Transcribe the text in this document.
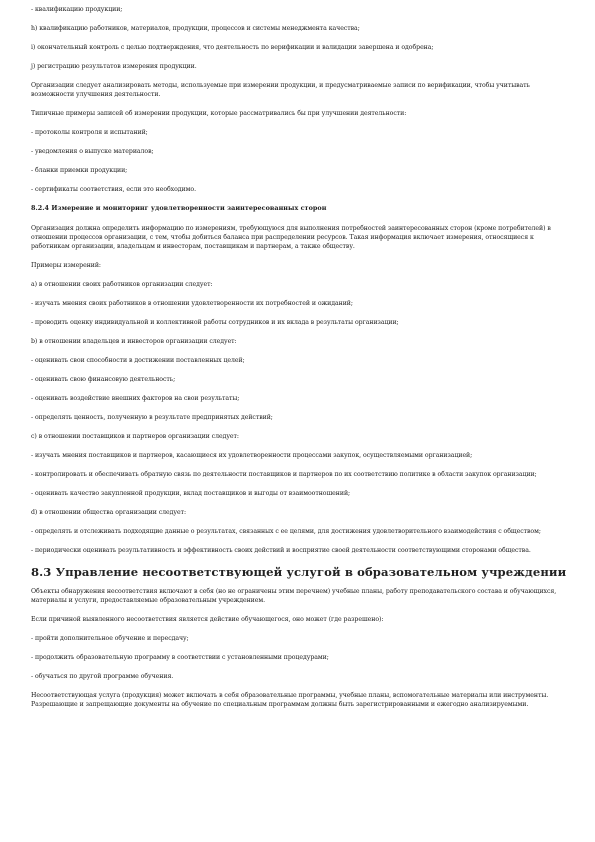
- квалификацию продукции;

h) квалификацию работников, материалов, продукции, процессов и системы менеджмента качества;

i) окончательный контроль с целью подтверждения, что деятельность по верификации и валидации завершена и одобрена;

j) регистрацию результатов измерения продукции.

Организации следует анализировать методы, используемые при измерении продукции, и предусматриваемые записи по верификации, чтобы учитывать возможности улучшения деятельности.

Типичные примеры записей об измерении продукции, которые рассматривались бы при улучшении деятельности:

- протоколы контроля и испытаний;

- уведомления о выпуске материалов;

- бланки приемки продукции;

- сертификаты соответствия, если это необходимо.

8.2.4 Измерение и мониторинг удовлетворенности заинтересованных сторон

Организация должна определить информацию по измерениям, требующуюся для выполнения потребностей заинтересованных сторон (кроме потребителей) в отношении процессов организации, с тем, чтобы добиться баланса при распределении ресурсов. Такая информация включает измерения, относящиеся к работникам организации, владельцам и инвесторам, поставщикам и партнерам, а также обществу.

Примеры измерений:

a) в отношении своих работников организации следует:

- изучать мнения своих работников в отношении удовлетворенности их потребностей и ожиданий;

- проводить оценку индивидуальной и коллективной работы сотрудников и их вклада в результаты организации;

b) в отношении владельцев и инвесторов организации следует:

- оценивать свои способности в достижении поставленных целей;

- оценивать свою финансовую деятельность;

- оценивать воздействие внешних факторов на свои результаты;

- определять ценность, полученную в результате предпринятых действий;

c) в отношении поставщиков и партнеров организации следует:

- изучать мнения поставщиков и партнеров, касающиеся их удовлетворенности процессами закупок, осуществляемыми организацией;

- контролировать и обеспечивать обратную связь по деятельности поставщиков и партнеров по их соответствию политике в области закупок организации;

- оценивать качество закупленной продукции, вклад поставщиков и выгоды от взаимоотношений;

d) в отношении общества организации следует:

- определять и отслеживать подходящие данные о результатах, связанных с ее целями, для достижения удовлетворительного взаимодействия с обществом;

- периодически оценивать результативность и эффективность своих действий и восприятие своей деятельности соответствующими сторонами общества.

8.3 Управление несоответствующей услугой в образовательном учреждении

Объекты обнаружения несоответствия включают в себя (но не ограничены этим перечнем) учебные планы, работу преподавательского состава и обучающихся, материалы и услуги, предоставляемые образовательным учреждением.

Если причиной выявленного несоответствия является действие обучающегося, оно может (где разрешено):

- пройти дополнительное обучение и пересдачу;

- продолжить образовательную программу в соответствии с установленными процедурами;

- обучаться по другой программе обучения.

Несоответствующая услуга (продукция) может включать в себя образовательные программы, учебные планы, вспомогательные материалы или инструменты. Разрешающие и запрещающие документы на обучение по специальным программам должны быть зарегистрированными и ежегодно анализируемыми.
